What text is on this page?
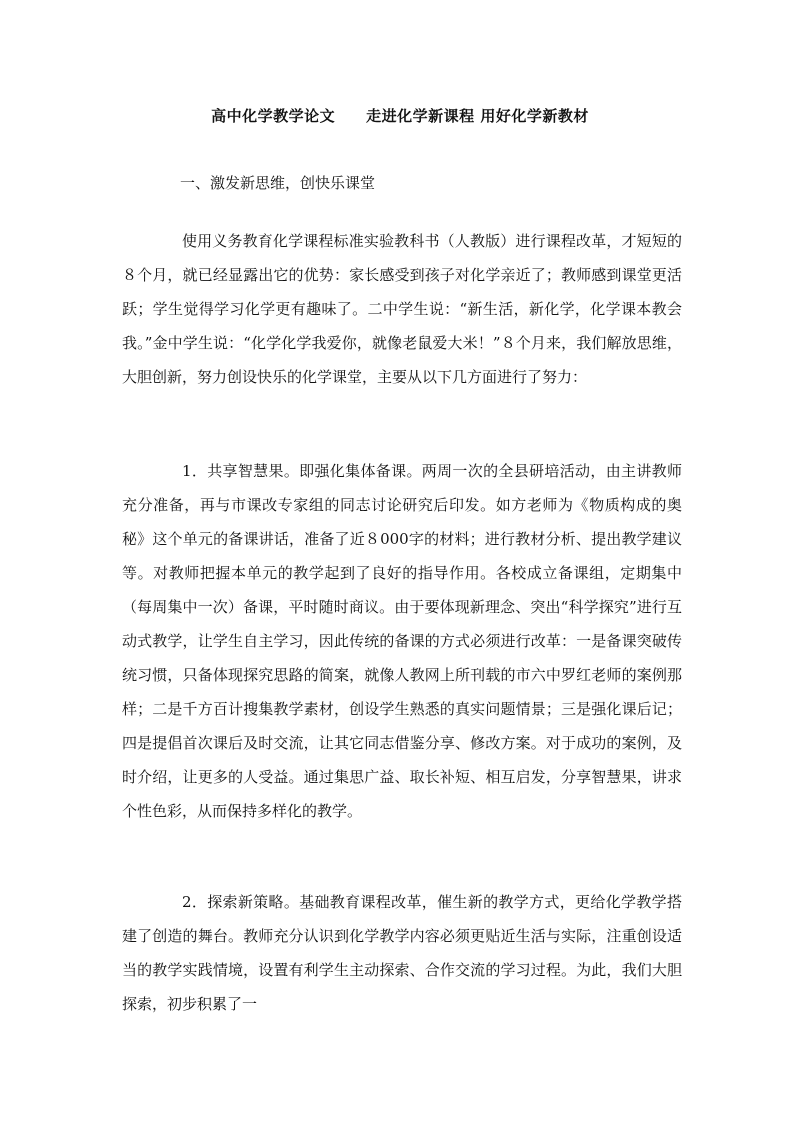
高中化学教学论文　　走进化学新课程 用好化学新教材
一、激发新思维，创快乐课堂

使用义务教育化学课程标准实验教科书（人教版）进行课程改革，才短短的８个月，就已经显露出它的优势：家长感受到孩子对化学亲近了；教师感到课堂更活跃；学生觉得学习化学更有趣味了。二中学生说：“新生活，新化学，化学课本教会我。”金中学生说：“化学化学我爱你，就像老鼠爱大米！”８个月来，我们解放思维，大胆创新，努力创设快乐的化学课堂，主要从以下几方面进行了努力：

1．共享智慧果。即强化集体备课。两周一次的全县研培活动，由主讲教师充分准备，再与市课改专家组的同志讨论研究后印发。如方老师为《物质构成的奥秘》这个单元的备课讲话，准备了近８000字的材料；进行教材分析、提出教学建议等。对教师把握本单元的教学起到了良好的指导作用。各校成立备课组，定期集中（每周集中一次）备课，平时随时商议。由于要体现新理念、突出“科学探究”进行互动式教学，让学生自主学习，因此传统的备课的方式必须进行改革：一是备课突破传统习惯，只备体现探究思路的简案，就像人教网上所刊载的市六中罗红老师的案例那样；二是千方百计搜集教学素材，创设学生熟悉的真实问题情景；三是强化课后记；四是提倡首次课后及时交流，让其它同志借鉴分享、修改方案。对于成功的案例，及时介绍，让更多的人受益。通过集思广益、取长补短、相互启发，分享智慧果，讲求个性色彩，从而保持多样化的教学。

2．探索新策略。基础教育课程改革，催生新的教学方式，更给化学教学搭建了创造的舞台。教师充分认识到化学教学内容必须更贴近生活与实际，注重创设适当的教学实践情境，设置有利学生主动探索、合作交流的学习过程。为此，我们大胆探索，初步积累了一
